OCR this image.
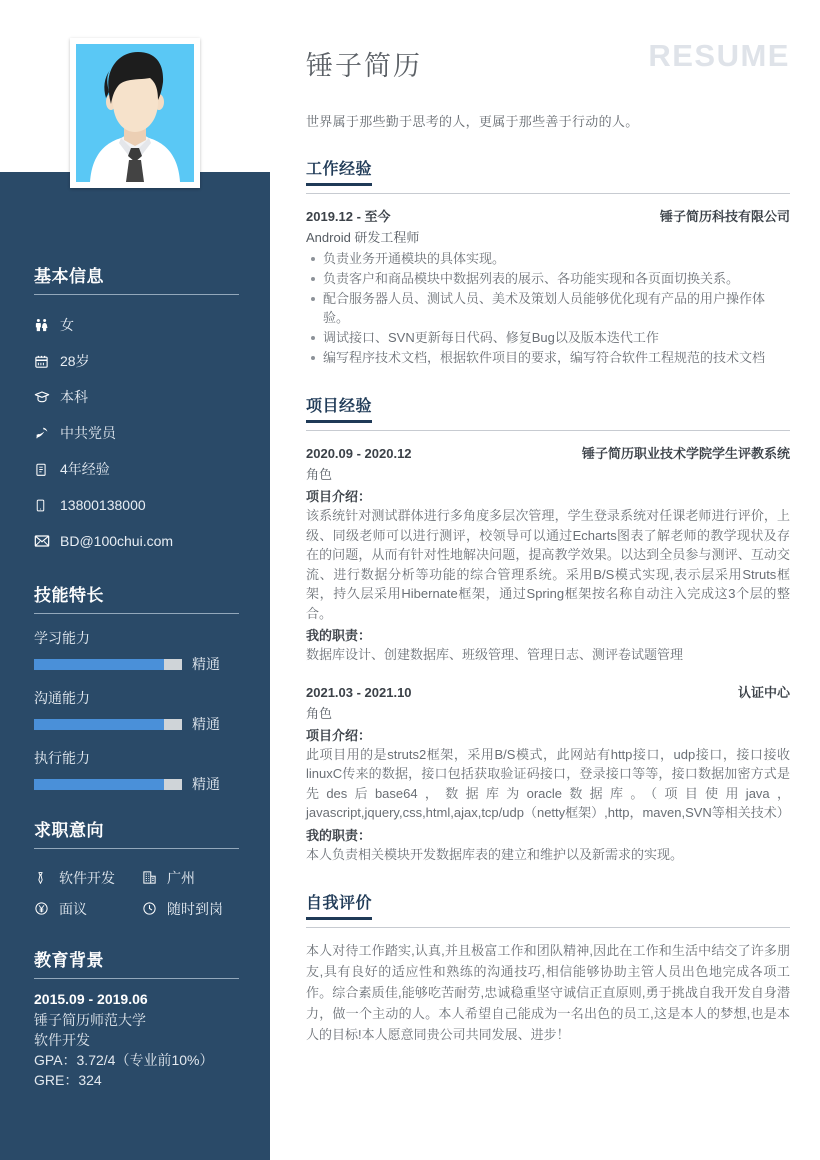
基本信息
女
28岁
本科
中共党员
4年经验
13800138000
BD@100chui.com
技能特长
学习能力
精通
沟通能力
精通
执行能力
精通
求职意向
软件开发	广州
面议	随时到岗
教育背景
2015.09 - 2019.06
锤子简历师范大学
软件开发
GPA：3.72/4（专业前10%）
GRE：324
锤子简历	RESUME
世界属于那些勤于思考的人，更属于那些善于行动的人。
工作经验
2019.12 - 至今	锤子简历科技有限公司
Android 研发工程师
负责业务开通模块的具体实现。
负责客户和商品模块中数据列表的展示、各功能实现和各页面切换关系。
配合服务器人员、测试人员、美术及策划人员能够优化现有产品的用户操作体验。
调试接口、SVN更新每日代码、修复Bug以及版本迭代工作
编写程序技术文档，根据软件项目的要求，编写符合软件工程规范的技术文档
项目经验
2020.09 - 2020.12	锤子简历职业技术学院学生评教系统
角色
项目介绍：

该系统针对测试群体进行多角度多层次管理，学生登录系统对任课老师进行评价，上级、同级老师可以进行测评，校领导可以通过Echarts图表了解老师的教学现状及存在的问题，从而有针对性地解决问题，提高教学效果。以达到全员参与测评、互动交流、进行数据分析等功能的综合管理系统。采用B/S模式实现,表示层采用Struts框架，持久层采用Hibernate框架，通过Spring框架按名称自动注入完成这3个层的整合。

我的职责：

数据库设计、创建数据库、班级管理、管理日志、测评卷试题管理

2021.03 - 2021.10	认证中心
角色
项目介绍：

此项目用的是struts2框架，采用B/S模式，此网站有http接口，udp接口，接口接收linuxC传来的数据，接口包括获取验证码接口，登录接口等等，接口数据加密方式是先des后base64，数据库为oracle数据库。（项目使用java，javascript,jquery,css,html,ajax,tcp/udp（netty框架）,http，maven,SVN等相关技术）

我的职责：

本人负责相关模块开发数据库表的建立和维护以及新需求的实现。

自我评价

本人对待工作踏实,认真,并且极富工作和团队精神,因此在工作和生活中结交了许多朋友,具有良好的适应性和熟练的沟通技巧,相信能够协助主管人员出色地完成各项工作。综合素质佳,能够吃苦耐劳,忠诚稳重坚守诚信正直原则,勇于挑战自我开发自身潜力，做一个主动的人。本人希望自己能成为一名出色的员工,这是本人的梦想,也是本人的目标!本人愿意同贵公司共同发展、进步！
